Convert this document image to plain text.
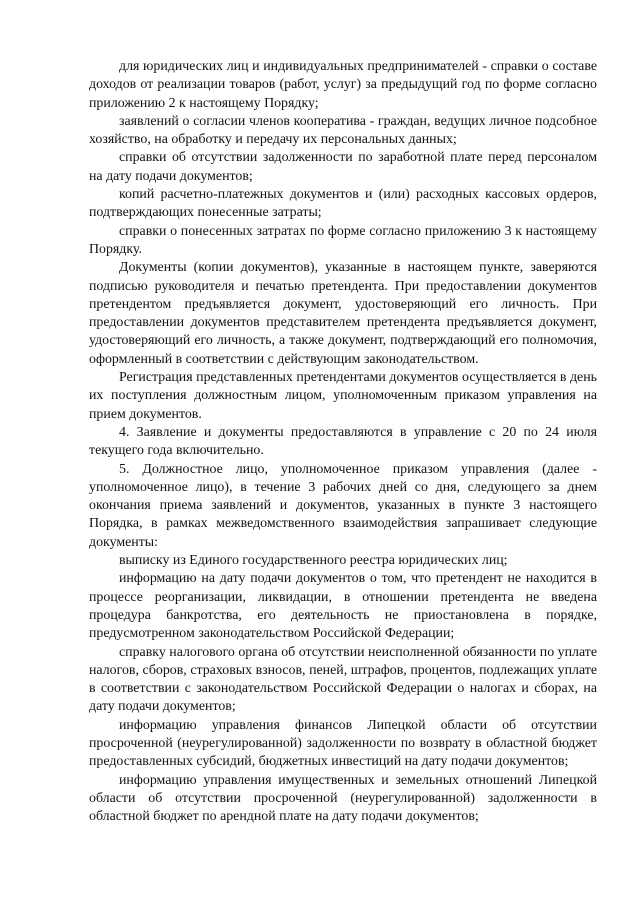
для юридических лиц и индивидуальных предпринимателей - справки о составе доходов от реализации товаров (работ, услуг) за предыдущий год по форме согласно приложению 2 к настоящему Порядку;

заявлений о согласии членов кооператива - граждан, ведущих личное подсобное хозяйство, на обработку и передачу их персональных данных;

справки об отсутствии задолженности по заработной плате перед персоналом на дату подачи документов;

копий расчетно-платежных документов и (или) расходных кассовых ордеров, подтверждающих понесенные затраты;

справки о понесенных затратах по форме согласно приложению 3 к настоящему Порядку.

Документы (копии документов), указанные в настоящем пункте, заверяются подписью руководителя и печатью претендента. При предоставлении документов претендентом предъявляется документ, удостоверяющий его личность. При предоставлении документов представителем претендента предъявляется документ, удостоверяющий его личность, а также документ, подтверждающий его полномочия, оформленный в соответствии с действующим законодательством.

Регистрация представленных претендентами документов осуществляется в день их поступления должностным лицом, уполномоченным приказом управления на прием документов.

4. Заявление и документы предоставляются в управление с 20 по 24 июля текущего года включительно.

5. Должностное лицо, уполномоченное приказом управления (далее - уполномоченное лицо), в течение 3 рабочих дней со дня, следующего за днем окончания приема заявлений и документов, указанных в пункте 3 настоящего Порядка, в рамках межведомственного взаимодействия запрашивает следующие документы:

выписку из Единого государственного реестра юридических лиц;

информацию на дату подачи документов о том, что претендент не находится в процессе реорганизации, ликвидации, в отношении претендента не введена процедура банкротства, его деятельность не приостановлена в порядке, предусмотренном законодательством Российской Федерации;

справку налогового органа об отсутствии неисполненной обязанности по уплате налогов, сборов, страховых взносов, пеней, штрафов, процентов, подлежащих уплате в соответствии с законодательством Российской Федерации о налогах и сборах, на дату подачи документов;

информацию управления финансов Липецкой области об отсутствии просроченной (неурегулированной) задолженности по возврату в областной бюджет предоставленных субсидий, бюджетных инвестиций на дату подачи документов;

информацию управления имущественных и земельных отношений Липецкой области об отсутствии просроченной (неурегулированной) задолженности в областной бюджет по арендной плате на дату подачи документов;
